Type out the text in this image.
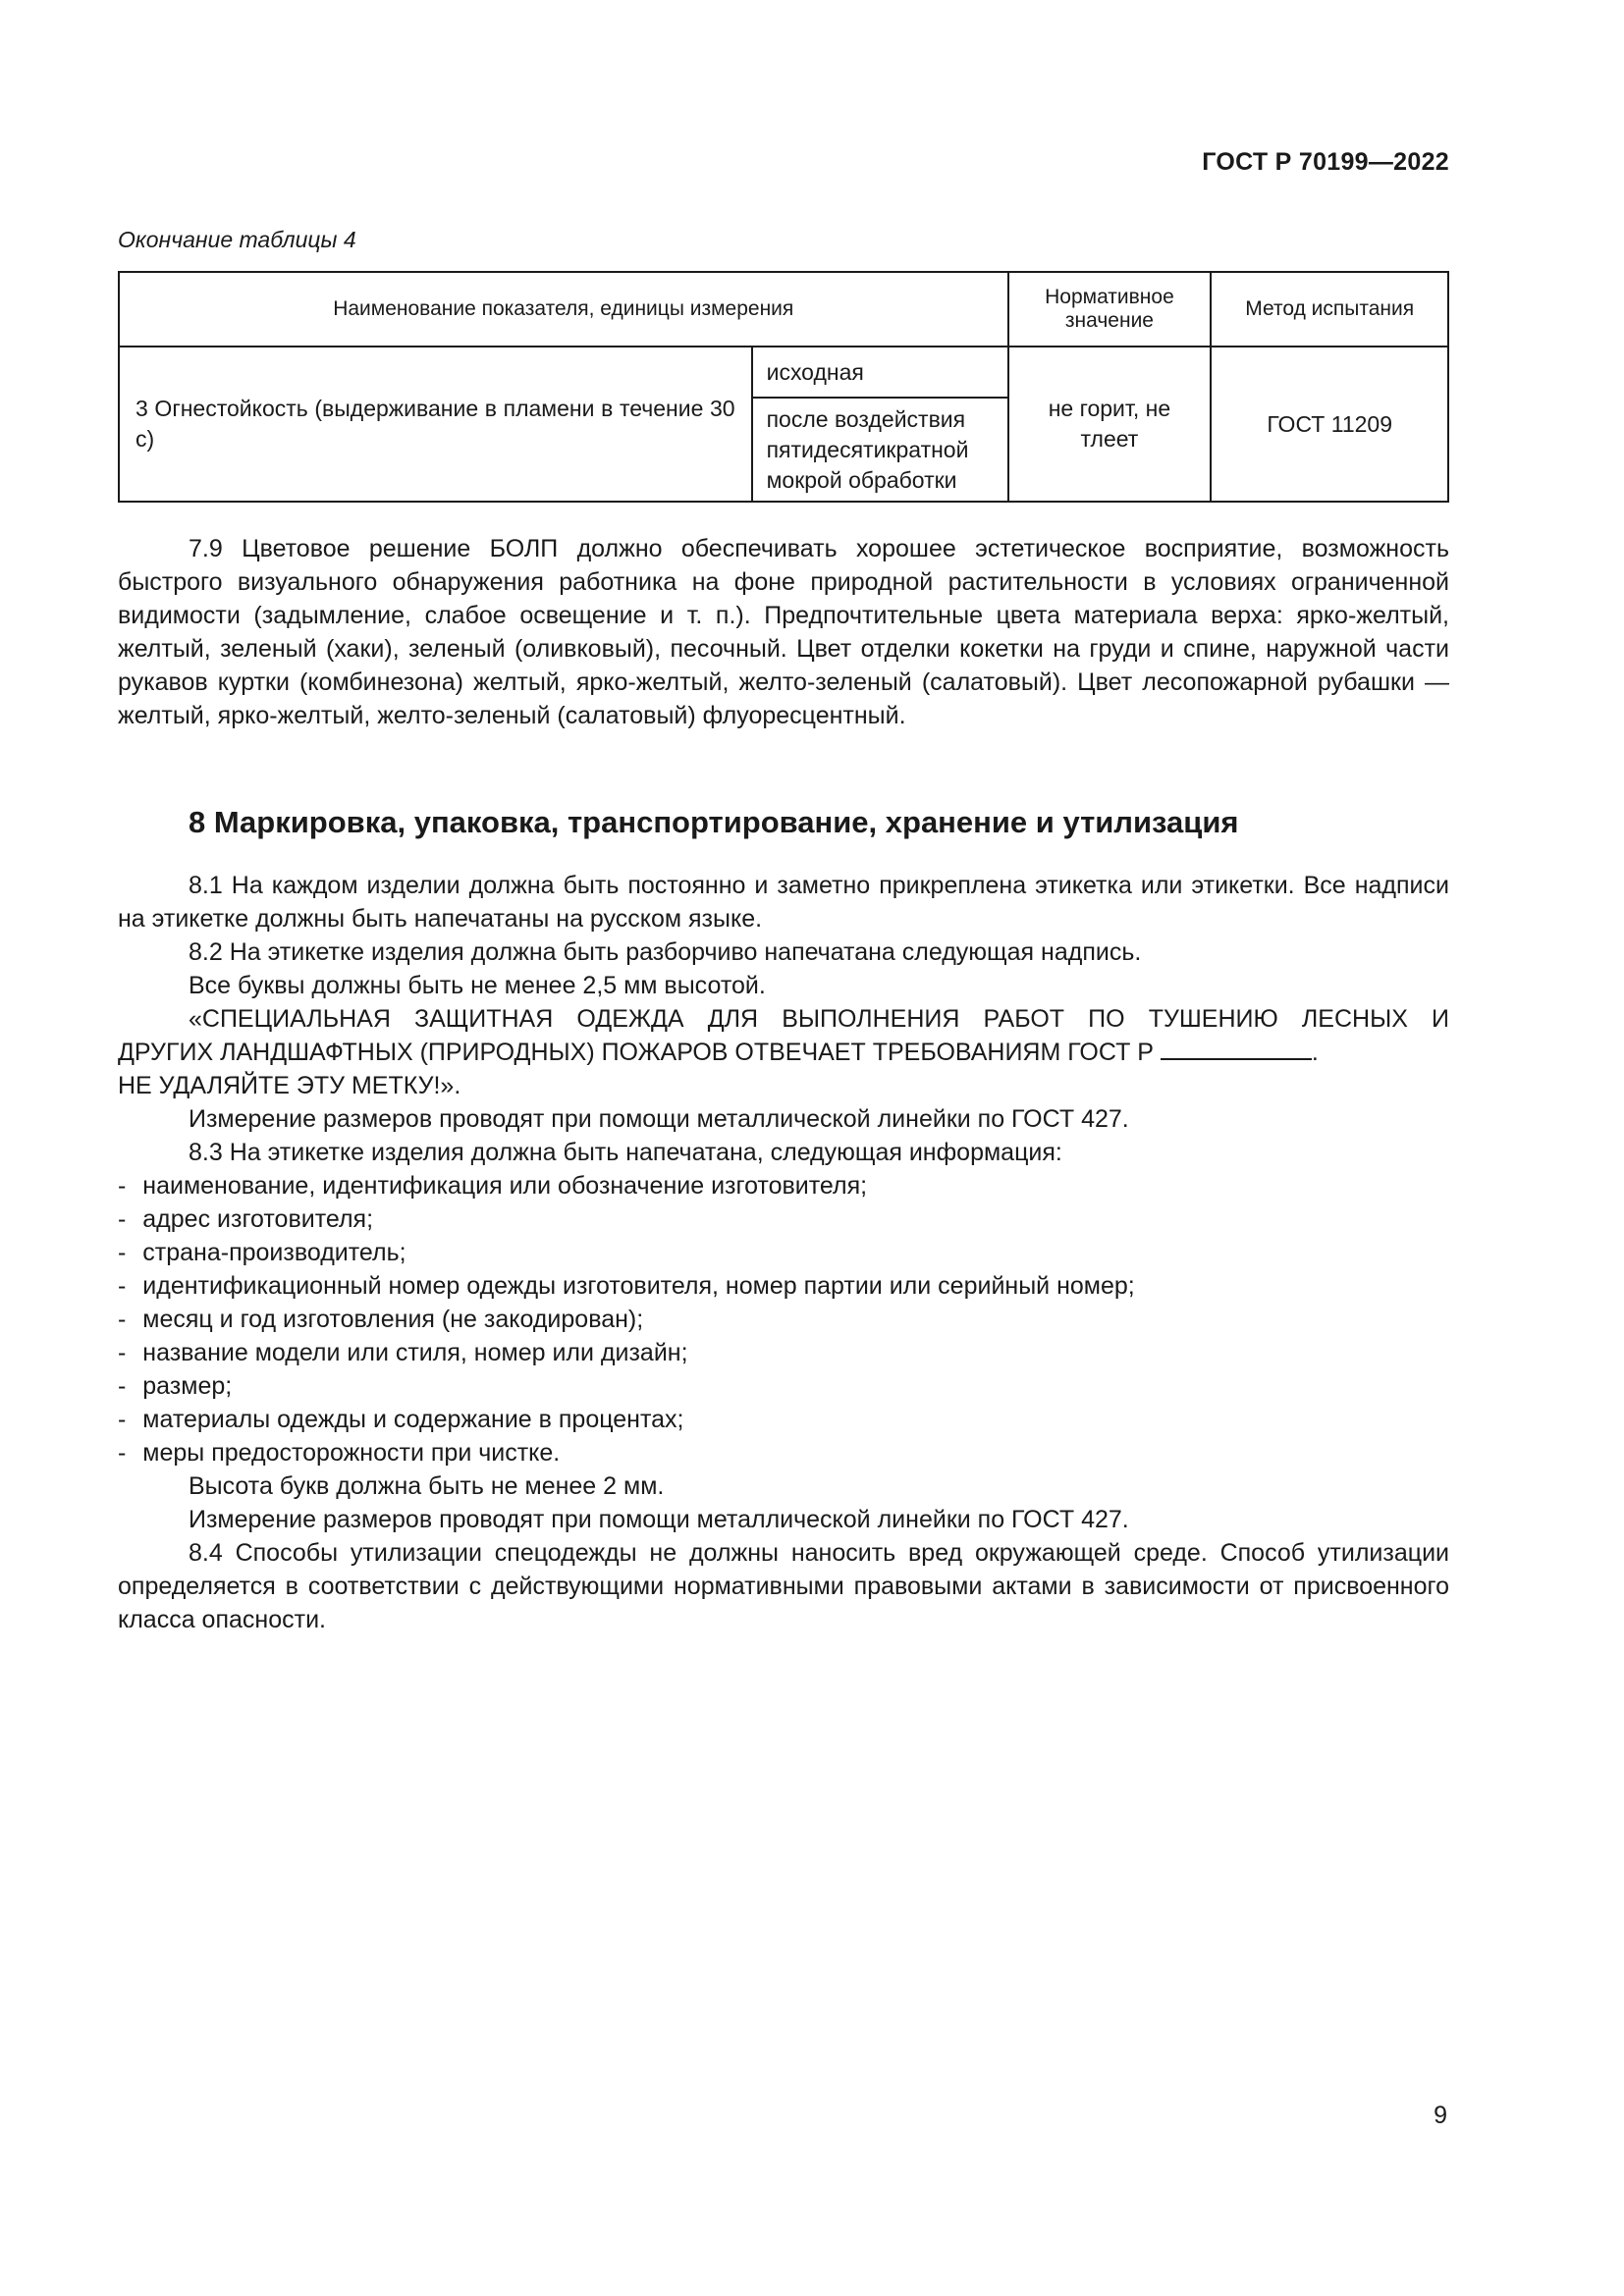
ГОСТ Р 70199—2022
Окончание таблицы 4
Наименование показателя, единицы измерения		Нормативное значение	Метод испытания
3 Огнестойкость (выдерживание в пламени в течение 30 с)	исходная	не горит, не тлеет	ГОСТ 11209
	после воздействия пятидесятикратной мокрой обработки		

7.9 Цветовое решение БОЛП должно обеспечивать хорошее эстетическое восприятие, возможность быстрого визуального обнаружения работника на фоне природной растительности в условиях ограниченной видимости (задымление, слабое освещение и т. п.). Предпочтительные цвета материала верха: ярко-желтый, желтый, зеленый (хаки), зеленый (оливковый), песочный. Цвет отделки кокетки на груди и спине, наружной части рукавов куртки (комбинезона) желтый, ярко-желтый, желто-зеленый (салатовый). Цвет лесопожарной рубашки — желтый, ярко-желтый, желто-зеленый (салатовый) флуоресцентный.

8 Маркировка, упаковка, транспортирование, хранение и утилизация

8.1 На каждом изделии должна быть постоянно и заметно прикреплена этикетка или этикетки. Все надписи на этикетке должны быть напечатаны на русском языке.

8.2 На этикетке изделия должна быть разборчиво напечатана следующая надпись.

Все буквы должны быть не менее 2,5 мм высотой.

«СПЕЦИАЛЬНАЯ ЗАЩИТНАЯ ОДЕЖДА ДЛЯ ВЫПОЛНЕНИЯ РАБОТ ПО ТУШЕНИЮ ЛЕСНЫХ И

ДРУГИХ ЛАНДШАФТНЫХ (ПРИРОДНЫХ) ПОЖАРОВ ОТВЕЧАЕТ ТРЕБОВАНИЯМ ГОСТ Р	.

НЕ УДАЛЯЙТЕ ЭТУ МЕТКУ!».

Измерение размеров проводят при помощи металлической линейки по ГОСТ 427.

8.3 На этикетке изделия должна быть напечатана, следующая информация:

- наименование, идентификация или обозначение изготовителя;

- адрес изготовителя;

- страна-производитель;

- идентификационный номер одежды изготовителя, номер партии или серийный номер;

- месяц и год изготовления (не закодирован);

- название модели или стиля, номер или дизайн;

- размер;

- материалы одежды и содержание в процентах;

- меры предосторожности при чистке.

Высота букв должна быть не менее 2 мм.

Измерение размеров проводят при помощи металлической линейки по ГОСТ 427.

8.4 Способы утилизации спецодежды не должны наносить вред окружающей среде. Способ утилизации определяется в соответствии с действующими нормативными правовыми актами в зависимости от присвоенного класса опасности.

9
